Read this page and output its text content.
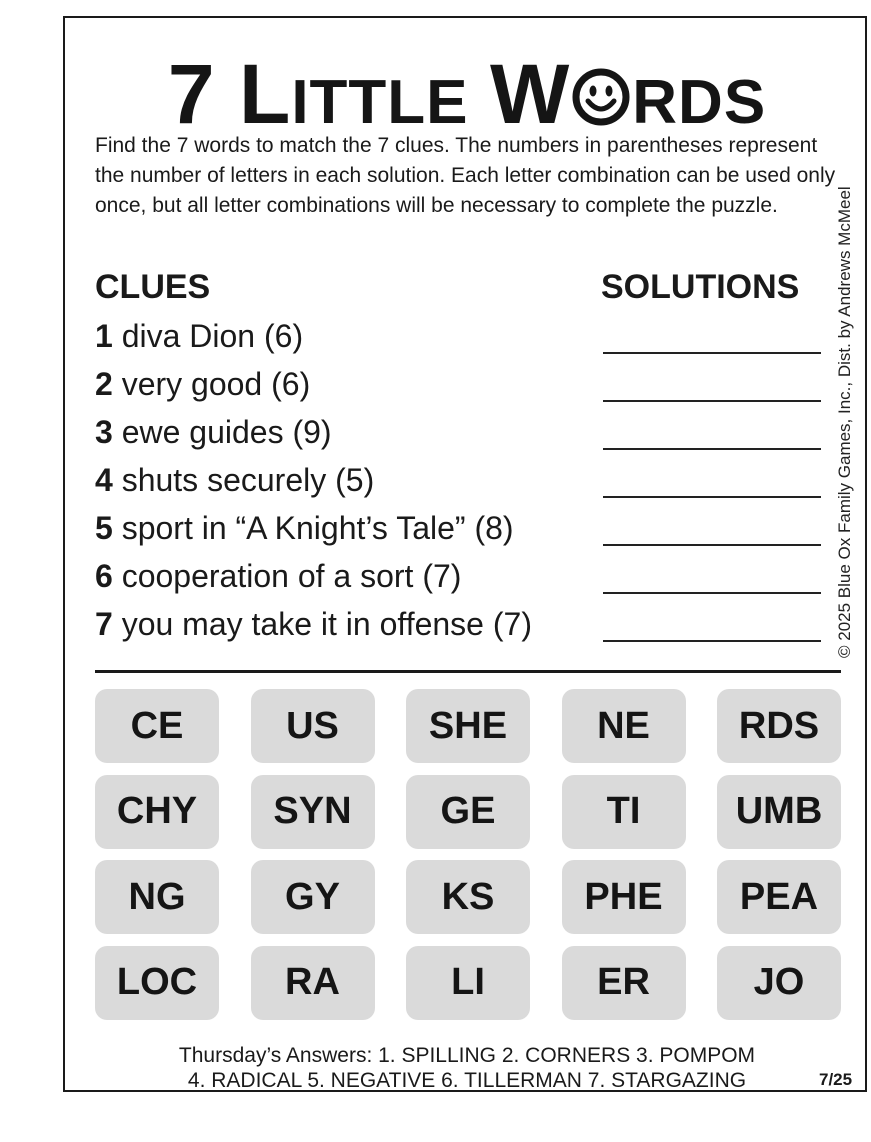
7 LITTLE W RDS
Find the 7 words to match the 7 clues. The numbers in parentheses represent the number of letters in each solution. Each letter combination can be used only once, but all letter combinations will be necessary to complete the puzzle.	© 2025 Blue Ox Family Games, Inc., Dist. by Andrews McMeel
CLUES	SOLUTIONS
1 diva Dion (6)
2 very good (6)
3 ewe guides (9)
4 shuts securely (5)
5 sport in “A Knight’s Tale” (8)
6 cooperation of a sort (7)
7 you may take it in offense (7)
CE	US	SHE	NE	RDS
CHY	SYN	GE	TI	UMB
NG	GY	KS	PHE	PEA
LOC	RA	LI	ER	JO
Thursday’s Answers: 1. SPILLING 2. CORNERS 3. POMPOM
4. RADICAL 5. NEGATIVE 6. TILLERMAN 7. STARGAZING	7/25
